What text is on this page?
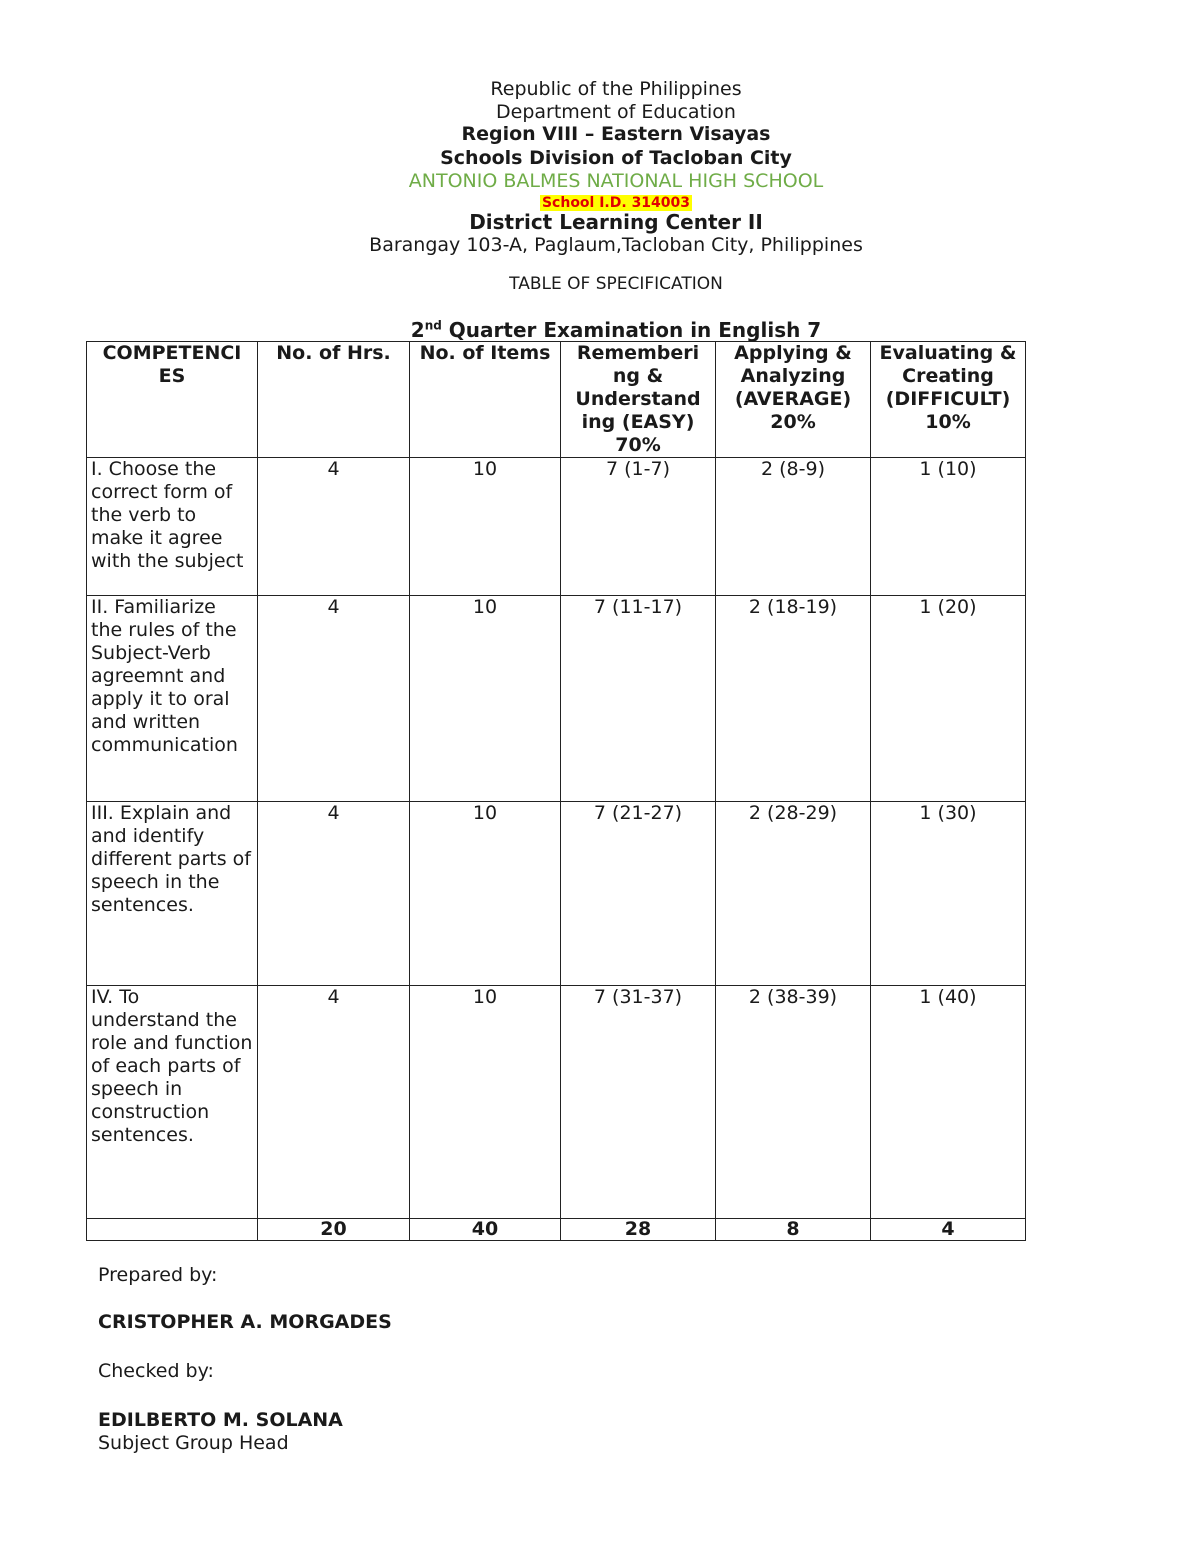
Republic of the Philippines
Department of Education
Region VIII – Eastern Visayas
Schools Division of Tacloban City
ANTONIO BALMES NATIONAL HIGH SCHOOL
School I.D. 314003
District Learning Center II
Barangay 103-A, Paglaum,Tacloban City, Philippines
TABLE OF SPECIFICATION
2nd Quarter Examination in English 7
COMPETENCI ES	No. of Hrs.	No. of Items	Rememberi ng & Understand ing (EASY) 70%	Applying & Analyzing (AVERAGE) 20%	Evaluating & Creating (DIFFICULT) 10%
I. Choose the correct form of the verb to make it agree with the subject	4	10	7 (1-7)	2 (8-9)	1 (10)
II. Familiarize the rules of the Subject-Verb agreemnt and apply it to oral and written communication	4	10	7 (11-17)	2 (18-19)	1 (20)
III. Explain and and identify different parts of speech in the sentences.	4	10	7 (21-27)	2 (28-29)	1 (30)
IV. To understand the role and function of each parts of speech in construction sentences.	4	10	7 (31-37)	2 (38-39)	1 (40)
	20	40	28	8	4
Prepared by:
CRISTOPHER A. MORGADES
Checked by:
EDILBERTO M. SOLANA
Subject Group Head
